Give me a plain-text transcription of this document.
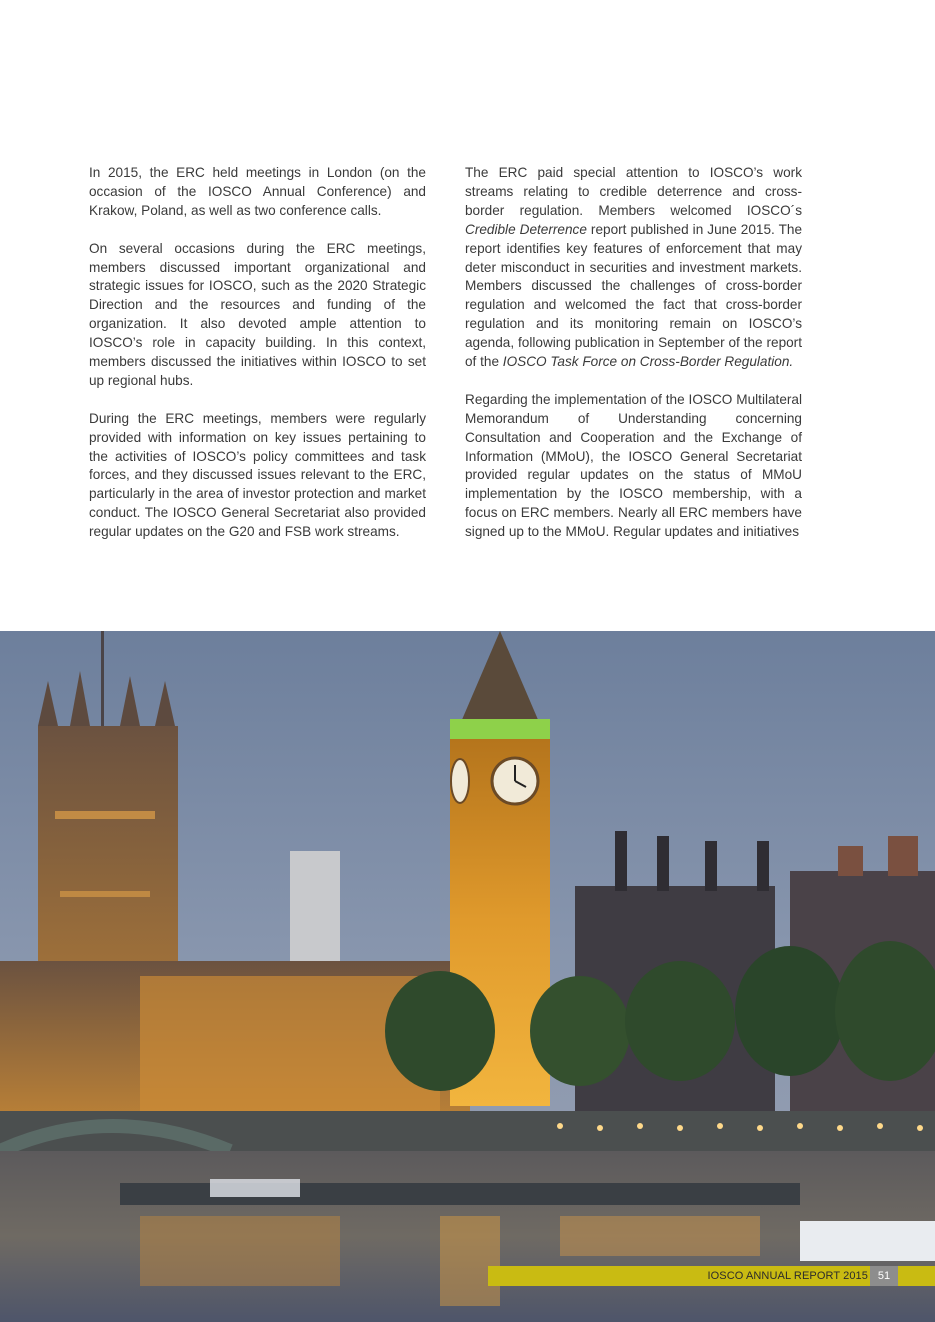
In 2015, the ERC held meetings in London (on the occasion of the IOSCO Annual Conference) and Krakow, Poland, as well as two conference calls.

On several occasions during the ERC meetings, members discussed important organizational and strategic issues for IOSCO, such as the 2020 Strategic Direction and the resources and funding of the organization. It also devoted ample attention to IOSCO’s role in capacity building. In this context, members discussed the initiatives within IOSCO to set up regional hubs.

During the ERC meetings, members were regularly provided with information on key issues pertaining to the activities of IOSCO’s policy committees and task forces, and they discussed issues relevant to the ERC, particularly in the area of investor protection and market conduct. The IOSCO General Secretariat also provided regular updates on the G20 and FSB work streams.

The ERC paid special attention to IOSCO’s work streams relating to credible deterrence and cross-border regulation. Members welcomed IOSCO´s Credible Deterrence report published in June 2015. The report identifies key features of enforcement that may deter misconduct in securities and investment markets. Members discussed the challenges of cross-border regulation and welcomed the fact that cross-border regulation and its monitoring remain on IOSCO’s agenda, following publication in September of the report of the IOSCO Task Force on Cross-Border Regulation.

Regarding the implementation of the IOSCO Multilateral Memorandum of Understanding concerning Consultation and Cooperation and the Exchange of Information (MMoU), the IOSCO General Secretariat provided regular updates on the status of MMoU implementation by the IOSCO membership, with a focus on ERC members. Nearly all ERC members have signed up to the MMoU. Regular updates and initiatives

IOSCO ANNUAL REPORT 2015 51
